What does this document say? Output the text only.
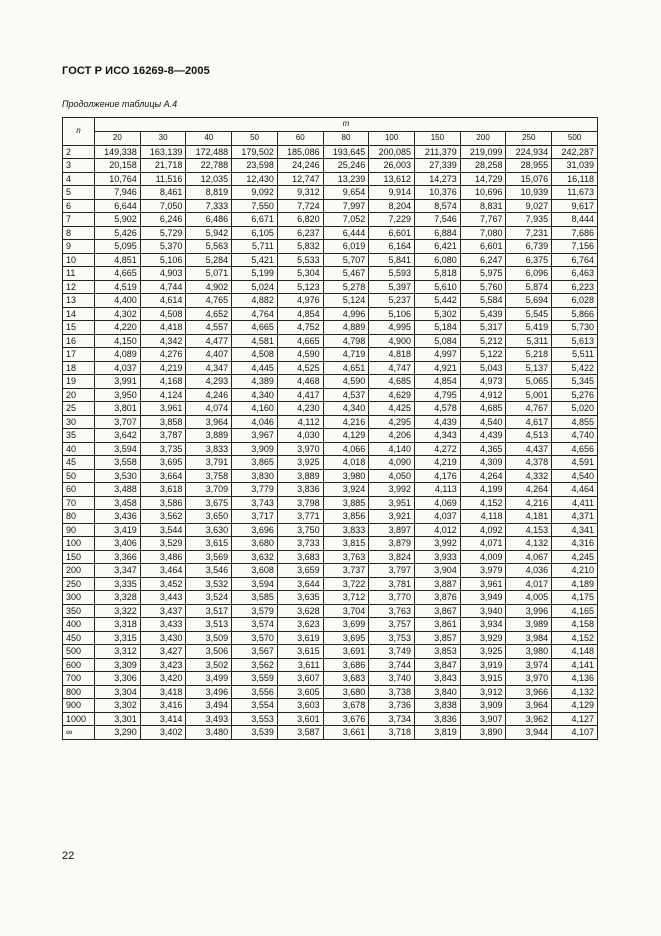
ГОСТ Р ИСО 16269-8—2005
Продолжение таблицы А.4
n	m										
	20	30	40	50	60	80	100	150	200	250	500
2	149,338	163,139	172,488	179,502	185,086	193,645	200,085	211,379	219,099	224,934	242,287
3	20,158	21,718	22,788	23,598	24,246	25,246	26,003	27,339	28,258	28,955	31,039
4	10,764	11,516	12,035	12,430	12,747	13,239	13,612	14,273	14,729	15,076	16,118
5	7,946	8,461	8,819	9,092	9,312	9,654	9,914	10,376	10,696	10,939	11,673
6	6,644	7,050	7,333	7,550	7,724	7,997	8,204	8,574	8,831	9,027	9,617
7	5,902	6,246	6,486	6,671	6,820	7,052	7,229	7,546	7,767	7,935	8,444
8	5,426	5,729	5,942	6,105	6,237	6,444	6,601	6,884	7,080	7,231	7,686
9	5,095	5,370	5,563	5,711	5,832	6,019	6,164	6,421	6,601	6,739	7,156
10	4,851	5,106	5,284	5,421	5,533	5,707	5,841	6,080	6,247	6,375	6,764
11	4,665	4,903	5,071	5,199	5,304	5,467	5,593	5,818	5,975	6,096	6,463
12	4,519	4,744	4,902	5,024	5,123	5,278	5,397	5,610	5,760	5,874	6,223
13	4,400	4,614	4,765	4,882	4,976	5,124	5,237	5,442	5,584	5,694	6,028
14	4,302	4,508	4,652	4,764	4,854	4,996	5,106	5,302	5,439	5,545	5,866
15	4,220	4,418	4,557	4,665	4,752	4,889	4,995	5,184	5,317	5,419	5,730
16	4,150	4,342	4,477	4,581	4,665	4,798	4,900	5,084	5,212	5,311	5,613
17	4,089	4,276	4,407	4,508	4,590	4,719	4,818	4,997	5,122	5,218	5,511
18	4,037	4,219	4,347	4,445	4,525	4,651	4,747	4,921	5,043	5,137	5,422
19	3,991	4,168	4,293	4,389	4,468	4,590	4,685	4,854	4,973	5,065	5,345
20	3,950	4,124	4,246	4,340	4,417	4,537	4,629	4,795	4,912	5,001	5,276
25	3,801	3,961	4,074	4,160	4,230	4,340	4,425	4,578	4,685	4,767	5,020
30	3,707	3,858	3,964	4,046	4,112	4,216	4,295	4,439	4,540	4,617	4,855
35	3,642	3,787	3,889	3,967	4,030	4,129	4,206	4,343	4,439	4,513	4,740
40	3,594	3,735	3,833	3,909	3,970	4,066	4,140	4,272	4,365	4,437	4,656
45	3,558	3,695	3,791	3,865	3,925	4,018	4,090	4,219	4,309	4,378	4,591
50	3,530	3,664	3,758	3,830	3,889	3,980	4,050	4,176	4,264	4,332	4,540
60	3,488	3,618	3,709	3,779	3,836	3,924	3,992	4,113	4,199	4,264	4,464
70	3,458	3,586	3,675	3,743	3,798	3,885	3,951	4,069	4,152	4,216	4,411
80	3,436	3,562	3,650	3,717	3,771	3,856	3,921	4,037	4,118	4,181	4,371
90	3,419	3,544	3,630	3,696	3,750	3,833	3,897	4,012	4,092	4,153	4,341
100	3,406	3,529	3,615	3,680	3,733	3,815	3,879	3,992	4,071	4,132	4,316
150	3,366	3,486	3,569	3,632	3,683	3,763	3,824	3,933	4,009	4,067	4,245
200	3,347	3,464	3,546	3,608	3,659	3,737	3,797	3,904	3,979	4,036	4,210
250	3,335	3,452	3,532	3,594	3,644	3,722	3,781	3,887	3,961	4,017	4,189
300	3,328	3,443	3,524	3,585	3,635	3,712	3,770	3,876	3,949	4,005	4,175
350	3,322	3,437	3,517	3,579	3,628	3,704	3,763	3,867	3,940	3,996	4,165
400	3,318	3,433	3,513	3,574	3,623	3,699	3,757	3,861	3,934	3,989	4,158
450	3,315	3,430	3,509	3,570	3,619	3,695	3,753	3,857	3,929	3,984	4,152
500	3,312	3,427	3,506	3,567	3,615	3,691	3,749	3,853	3,925	3,980	4,148
600	3,309	3,423	3,502	3,562	3,611	3,686	3,744	3,847	3,919	3,974	4,141
700	3,306	3,420	3,499	3,559	3,607	3,683	3,740	3,843	3,915	3,970	4,136
800	3,304	3,418	3,496	3,556	3,605	3,680	3,738	3,840	3,912	3,966	4,132
900	3,302	3,416	3,494	3,554	3,603	3,678	3,736	3,838	3,909	3,964	4,129
1000	3,301	3,414	3,493	3,553	3,601	3,676	3,734	3,836	3,907	3,962	4,127
∞	3,290	3,402	3,480	3,539	3,587	3,661	3,718	3,819	3,890	3,944	4,107
22
